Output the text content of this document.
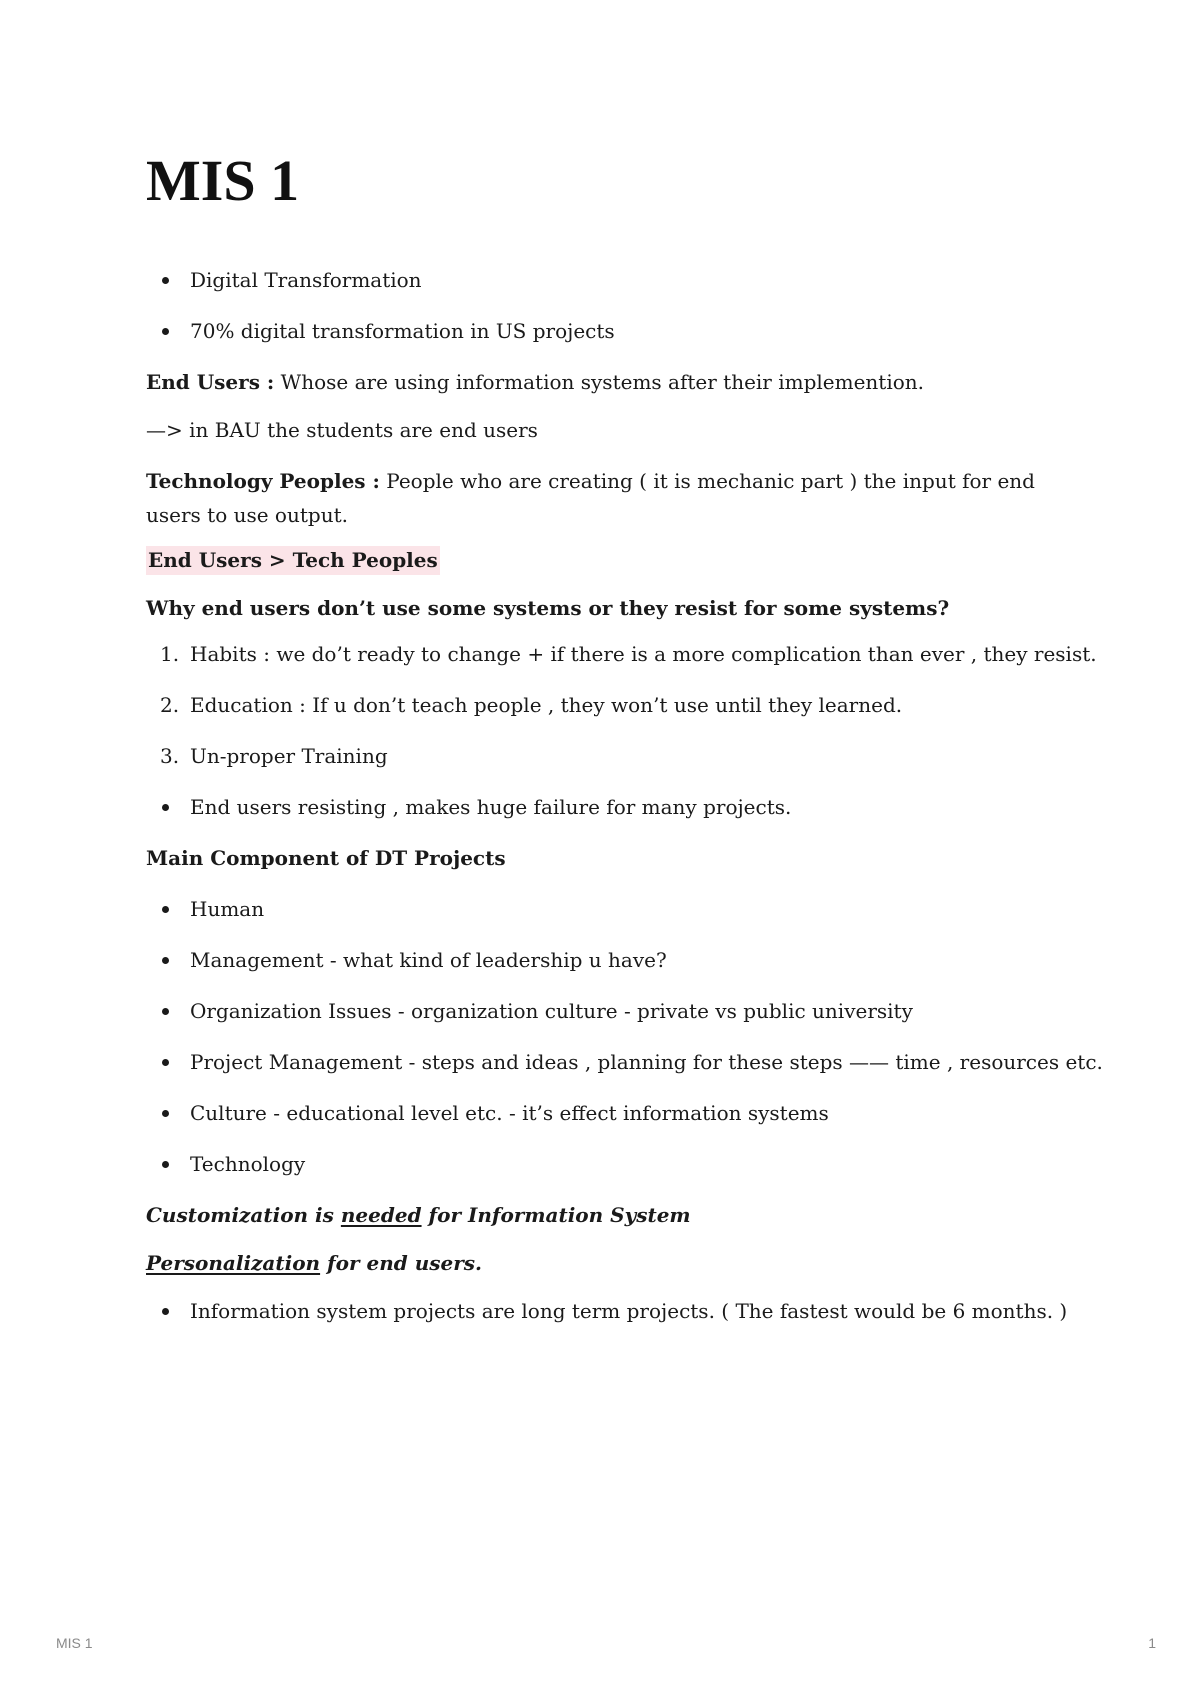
MIS 1
Digital Transformation
70% digital transformation in US projects
End Users : Whose are using information systems after their implemention.
—> in BAU the students are end users
Technology Peoples : People who are creating ( it is mechanic part ) the input for end users to use output.
End Users > Tech Peoples
Why end users don’t use some systems or they resist for some systems?
1. Habits : we do’t ready to change + if there is a more complication than ever , they resist.
2. Education : If u don’t teach people , they won’t use until they learned.
3. Un-proper Training
End users resisting , makes huge failure for many projects.
Main Component of DT Projects
Human
Management - what kind of leadership u have?
Organization Issues - organization culture - private vs public university
Project Management - steps and ideas , planning for these steps —— time , resources etc.
Culture - educational level etc. - it’s effect information systems
Technology
Customization is needed for Information System
Personalization for end users.
Information system projects are long term projects. ( The fastest would be 6 months. )
MIS 1	1
